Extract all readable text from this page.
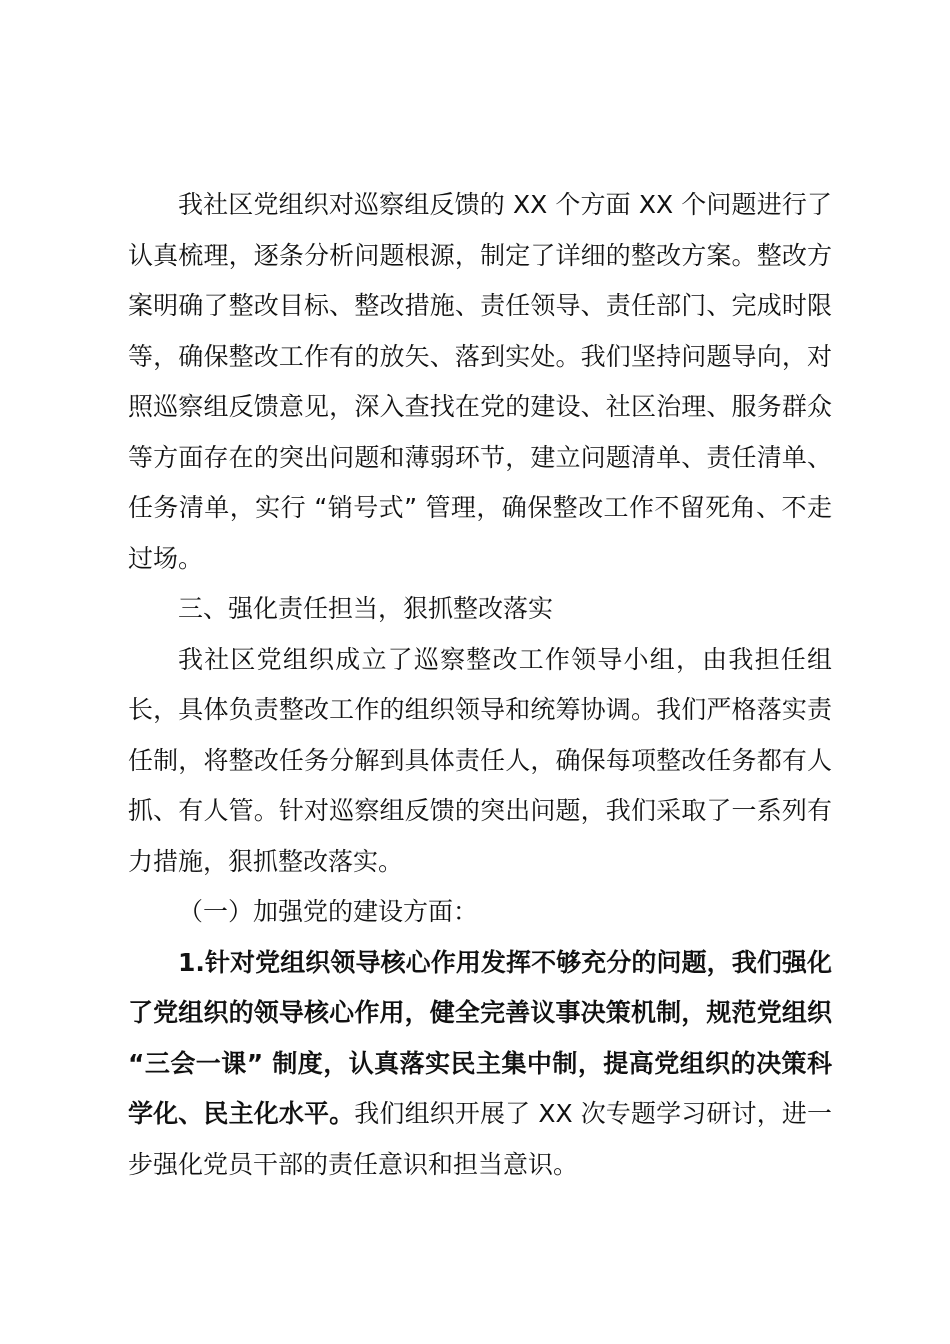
我社区党组织对巡察组反馈的 XX 个方面 XX 个问题进行了认真梳理，逐条分析问题根源，制定了详细的整改方案。整改方案明确了整改目标、整改措施、责任领导、责任部门、完成时限等，确保整改工作有的放矢、落到实处。我们坚持问题导向，对照巡察组反馈意见，深入查找在党的建设、社区治理、服务群众等方面存在的突出问题和薄弱环节，建立问题清单、责任清单、任务清单，实行 “销号式” 管理，确保整改工作不留死角、不走过场。

三、强化责任担当，狠抓整改落实

我社区党组织成立了巡察整改工作领导小组，由我担任组长，具体负责整改工作的组织领导和统筹协调。我们严格落实责任制，将整改任务分解到具体责任人，确保每项整改任务都有人抓、有人管。针对巡察组反馈的突出问题，我们采取了一系列有力措施，狠抓整改落实。

（一）加强党的建设方面：

1.针对党组织领导核心作用发挥不够充分的问题，我们强化了党组织的领导核心作用，健全完善议事决策机制，规范党组织 “三会一课” 制度，认真落实民主集中制，提高党组织的决策科学化、民主化水平。我们组织开展了 XX 次专题学习研讨，进一步强化党员干部的责任意识和担当意识。
